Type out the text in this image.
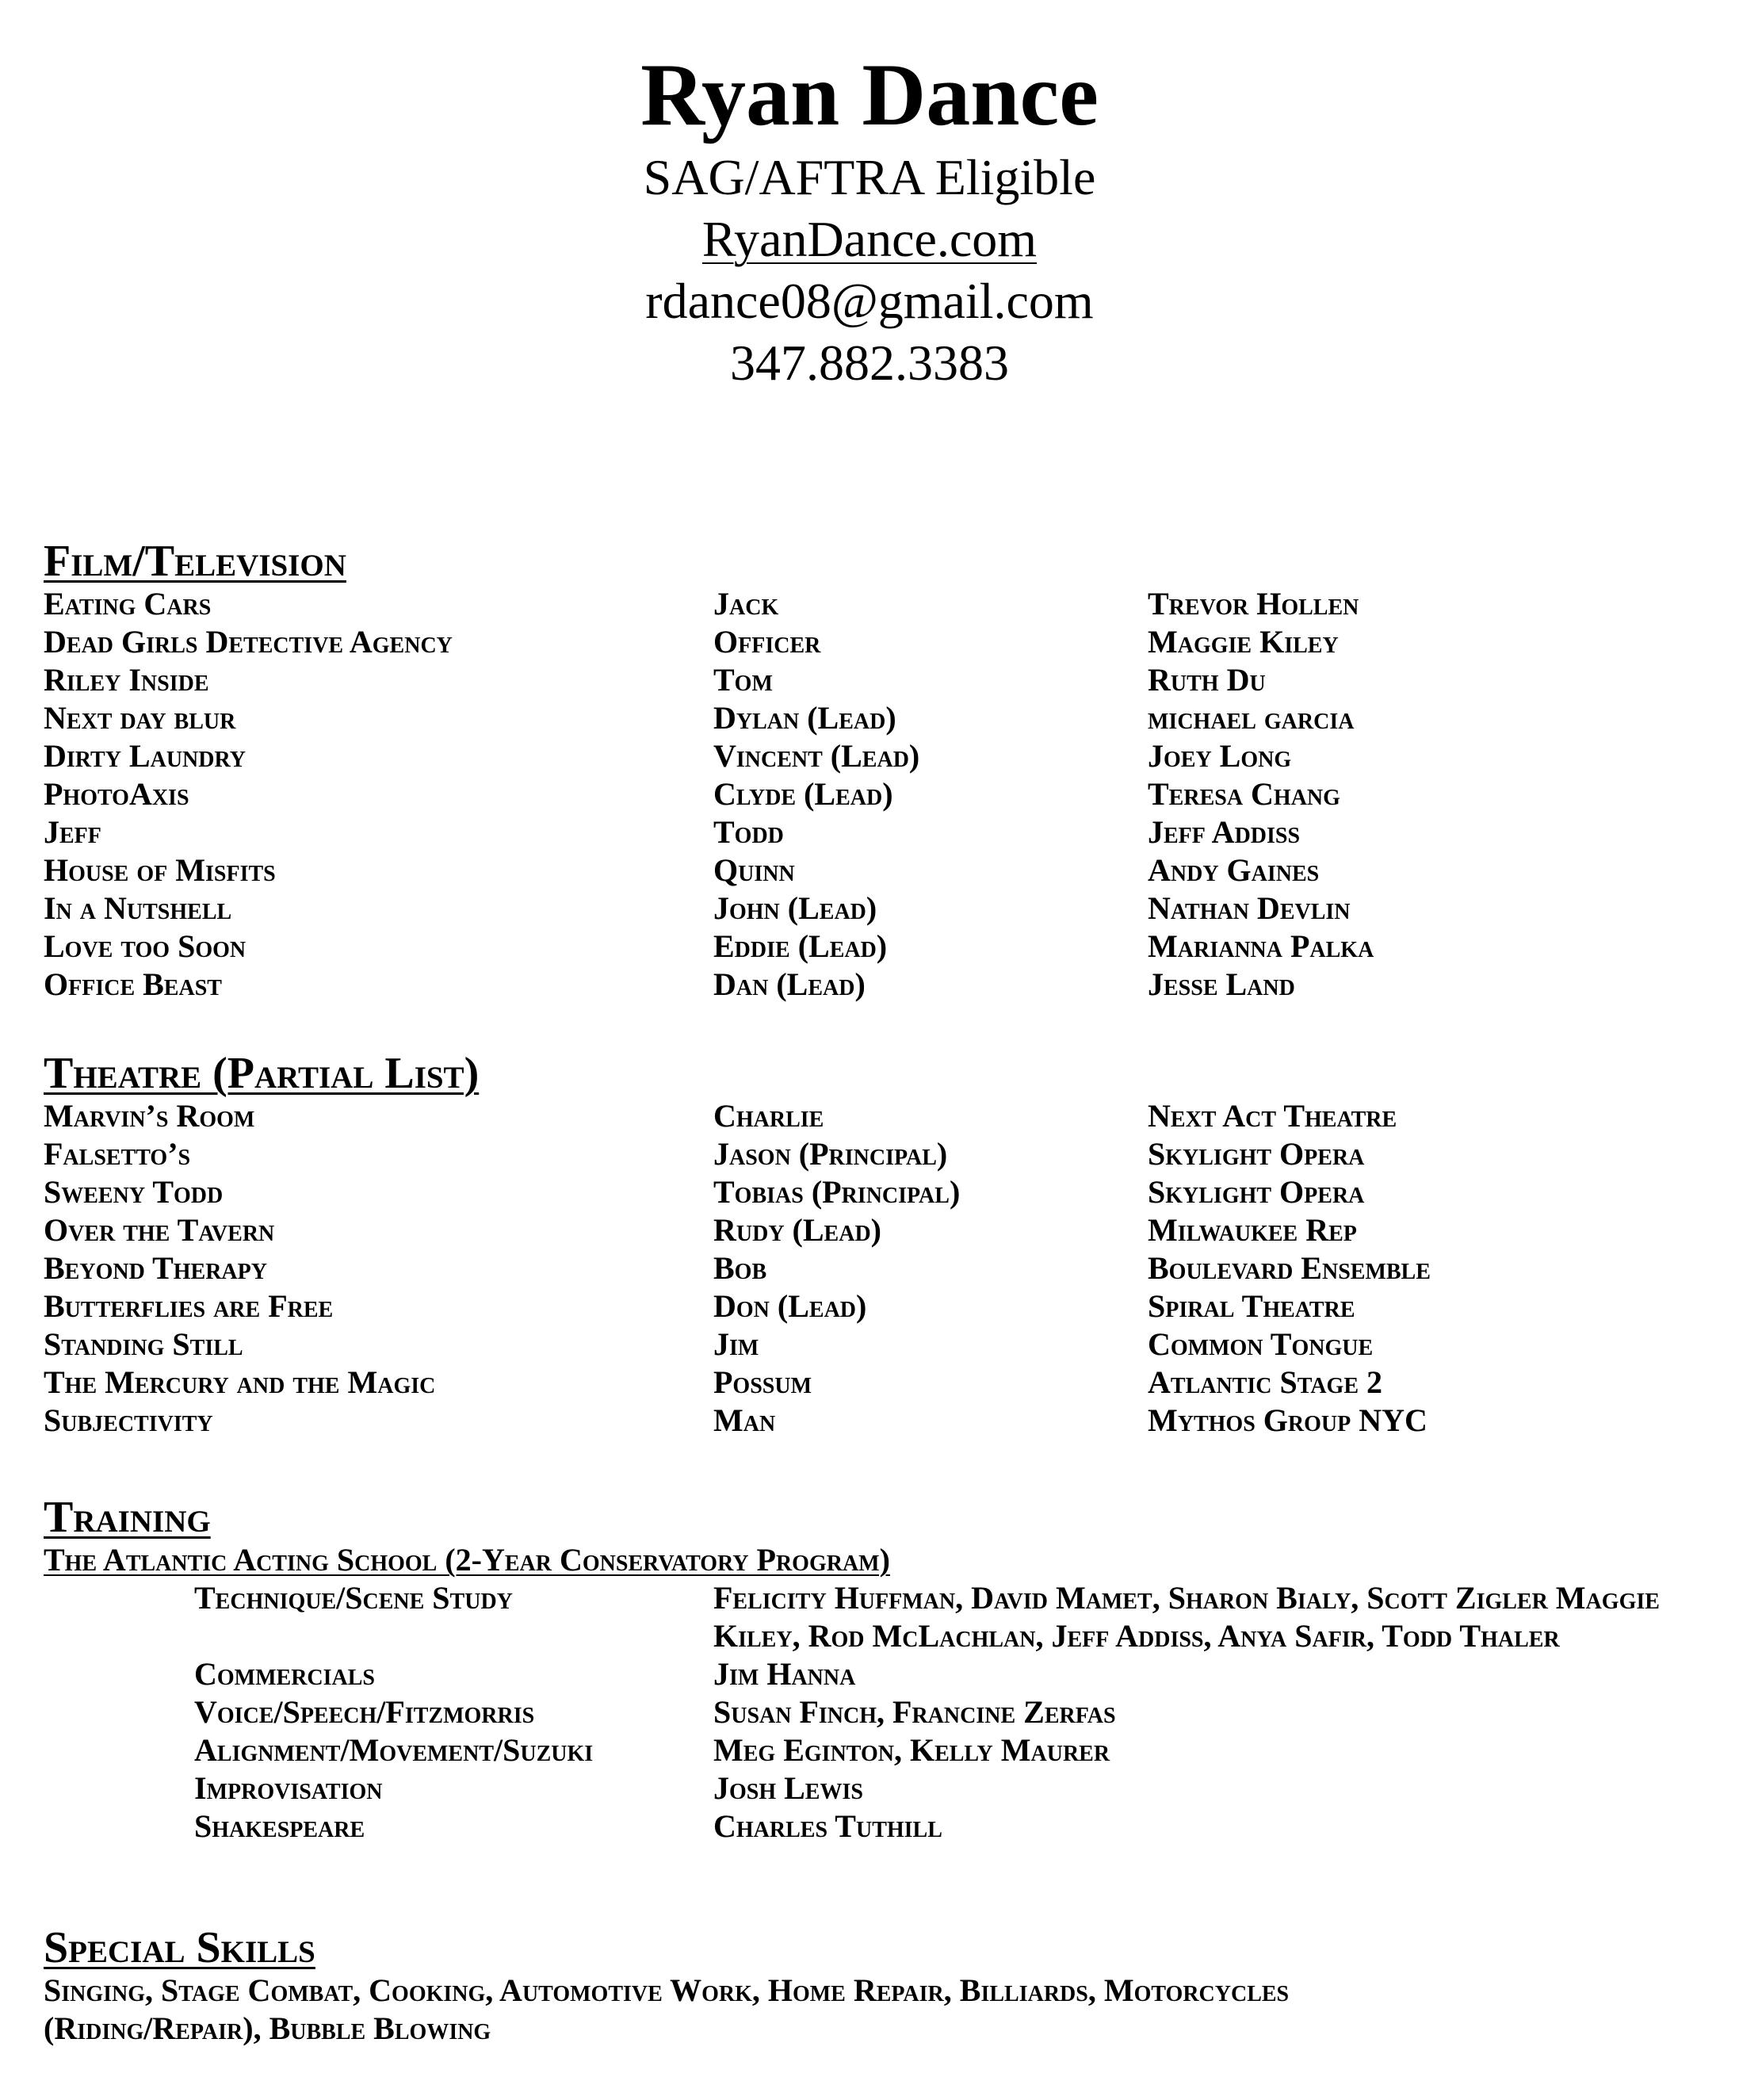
Ryan Dance

SAG/AFTRA Eligible

RyanDance.com

rdance08@gmail.com

347.882.3383

Film/Television
Eating Cars	Jack	Trevor Hollen
Dead Girls Detective Agency	Officer	Maggie Kiley
Riley Inside	Tom	Ruth Du
Next day blur	Dylan (Lead)	michael garcia
Dirty Laundry	Vincent (Lead)	Joey Long
PhotoAxis	Clyde (Lead)	Teresa Chang
Jeff	Todd	Jeff Addiss
House of Misfits	Quinn	Andy Gaines
In a Nutshell	John (Lead)	Nathan Devlin
Love too Soon	Eddie (Lead)	Marianna Palka
Office Beast	Dan (Lead)	Jesse Land
Theatre (Partial List)
Marvin’s Room	Charlie	Next Act Theatre
Falsetto’s	Jason (Principal)	Skylight Opera
Sweeny Todd	Tobias (Principal)	Skylight Opera
Over the Tavern	Rudy (Lead)	Milwaukee Rep
Beyond Therapy	Bob	Boulevard Ensemble
Butterflies are Free	Don (Lead)	Spiral Theatre
Standing Still	Jim	Common Tongue
The Mercury and the Magic	Possum	Atlantic Stage 2
Subjectivity	Man	Mythos Group NYC
Training
The Atlantic Acting School (2-Year Conservatory Program)
Technique/Scene Study	Felicity Huffman, David Mamet, Sharon Bialy, Scott Zigler Maggie Kiley, Rod McLachlan, Jeff Addiss, Anya Safir, Todd Thaler
Commercials	Jim Hanna
Voice/Speech/Fitzmorris	Susan Finch, Francine Zerfas
Alignment/Movement/Suzuki	Meg Eginton, Kelly Maurer
Improvisation	Josh Lewis
Shakespeare	Charles Tuthill
Special Skills
Singing, Stage Combat, Cooking, Automotive Work, Home Repair, Billiards, Motorcycles (Riding/Repair), Bubble Blowing
